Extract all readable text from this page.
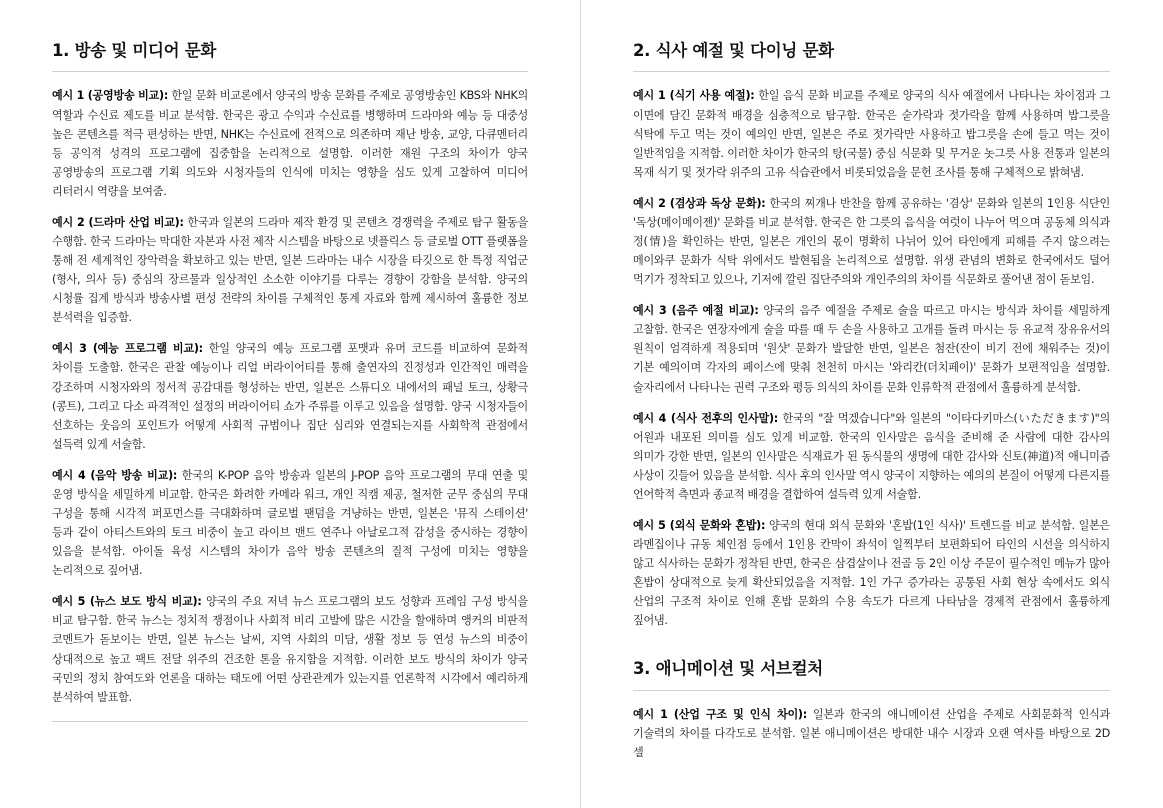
1. 방송 및 미디어 문화

예시 1 (공영방송 비교): 한일 문화 비교론에서 양국의 방송 문화를 주제로 공영방송인 KBS와 NHK의 역할과 수신료 제도를 비교 분석함. 한국은 광고 수익과 수신료를 병행하며 드라마와 예능 등 대중성 높은 콘텐츠를 적극 편성하는 반면, NHK는 수신료에 전적으로 의존하며 재난 방송, 교양, 다큐멘터리 등 공익적 성격의 프로그램에 집중함을 논리적으로 설명함. 이러한 재원 구조의 차이가 양국 공영방송의 프로그램 기획 의도와 시청자들의 인식에 미치는 영향을 심도 있게 고찰하여 미디어 리터러시 역량을 보여줌.

예시 2 (드라마 산업 비교): 한국과 일본의 드라마 제작 환경 및 콘텐츠 경쟁력을 주제로 탐구 활동을 수행함. 한국 드라마는 막대한 자본과 사전 제작 시스템을 바탕으로 넷플릭스 등 글로벌 OTT 플랫폼을 통해 전 세계적인 장악력을 확보하고 있는 반면, 일본 드라마는 내수 시장을 타깃으로 한 특정 직업군(형사, 의사 등) 중심의 장르물과 일상적인 소소한 이야기를 다루는 경향이 강함을 분석함. 양국의 시청률 집계 방식과 방송사별 편성 전략의 차이를 구체적인 통계 자료와 함께 제시하여 훌륭한 정보 분석력을 입증함.

예시 3 (예능 프로그램 비교): 한일 양국의 예능 프로그램 포맷과 유머 코드를 비교하여 문화적 차이를 도출함. 한국은 관찰 예능이나 리얼 버라이어티를 통해 출연자의 진정성과 인간적인 매력을 강조하며 시청자와의 정서적 공감대를 형성하는 반면, 일본은 스튜디오 내에서의 패널 토크, 상황극(콩트), 그리고 다소 파격적인 설정의 버라이어티 쇼가 주류를 이루고 있음을 설명함. 양국 시청자들이 선호하는 웃음의 포인트가 어떻게 사회적 규범이나 집단 심리와 연결되는지를 사회학적 관점에서 설득력 있게 서술함.

예시 4 (음악 방송 비교): 한국의 K-POP 음악 방송과 일본의 J-POP 음악 프로그램의 무대 연출 및 운영 방식을 세밀하게 비교함. 한국은 화려한 카메라 워크, 개인 직캠 제공, 철저한 군무 중심의 무대 구성을 통해 시각적 퍼포먼스를 극대화하며 글로벌 팬덤을 겨냥하는 반면, 일본은 '뮤직 스테이션' 등과 같이 아티스트와의 토크 비중이 높고 라이브 밴드 연주나 아날로그적 감성을 중시하는 경향이 있음을 분석함. 아이돌 육성 시스템의 차이가 음악 방송 콘텐츠의 질적 구성에 미치는 영향을 논리적으로 짚어냄.

예시 5 (뉴스 보도 방식 비교): 양국의 주요 저녁 뉴스 프로그램의 보도 성향과 프레임 구성 방식을 비교 탐구함. 한국 뉴스는 정치적 쟁점이나 사회적 비리 고발에 많은 시간을 할애하며 앵커의 비판적 코멘트가 돋보이는 반면, 일본 뉴스는 날씨, 지역 사회의 미담, 생활 정보 등 연성 뉴스의 비중이 상대적으로 높고 팩트 전달 위주의 건조한 톤을 유지함을 지적함. 이러한 보도 방식의 차이가 양국 국민의 정치 참여도와 언론을 대하는 태도에 어떤 상관관계가 있는지를 언론학적 시각에서 예리하게 분석하여 발표함.

2. 식사 예절 및 다이닝 문화

예시 1 (식기 사용 예절): 한일 음식 문화 비교를 주제로 양국의 식사 예절에서 나타나는 차이점과 그 이면에 담긴 문화적 배경을 심층적으로 탐구함. 한국은 숟가락과 젓가락을 함께 사용하며 밥그릇을 식탁에 두고 먹는 것이 예의인 반면, 일본은 주로 젓가락만 사용하고 밥그릇을 손에 들고 먹는 것이 일반적임을 지적함. 이러한 차이가 한국의 탕(국물) 중심 식문화 및 무거운 놋그릇 사용 전통과 일본의 목재 식기 및 젓가락 위주의 고유 식습관에서 비롯되었음을 문헌 조사를 통해 구체적으로 밝혀냄.

예시 2 (겸상과 독상 문화): 한국의 찌개나 반찬을 함께 공유하는 '겸상' 문화와 일본의 1인용 식단인 '독상(메이메이젠)' 문화를 비교 분석함. 한국은 한 그릇의 음식을 여럿이 나누어 먹으며 공동체 의식과 정(情)을 확인하는 반면, 일본은 개인의 몫이 명확히 나뉘어 있어 타인에게 피해를 주지 않으려는 메이와쿠 문화가 식탁 위에서도 발현됨을 논리적으로 설명함. 위생 관념의 변화로 한국에서도 덜어 먹기가 정착되고 있으나, 기저에 깔린 집단주의와 개인주의의 차이를 식문화로 풀어낸 점이 돋보임.

예시 3 (음주 예절 비교): 양국의 음주 예절을 주제로 술을 따르고 마시는 방식과 차이를 세밀하게 고찰함. 한국은 연장자에게 술을 따를 때 두 손을 사용하고 고개를 돌려 마시는 등 유교적 장유유서의 원칙이 엄격하게 적용되며 '원샷' 문화가 발달한 반면, 일본은 첨잔(잔이 비기 전에 채워주는 것)이 기본 예의이며 각자의 페이스에 맞춰 천천히 마시는 '와리칸(더치페이)' 문화가 보편적임을 설명함. 술자리에서 나타나는 권력 구조와 평등 의식의 차이를 문화 인류학적 관점에서 훌륭하게 분석함.

예시 4 (식사 전후의 인사말): 한국의 "잘 먹겠습니다"와 일본의 "이타다키마스(いただきます)"의 어원과 내포된 의미를 심도 있게 비교함. 한국의 인사말은 음식을 준비해 준 사람에 대한 감사의 의미가 강한 반면, 일본의 인사말은 식재료가 된 동식물의 생명에 대한 감사와 신토(神道)적 애니미즘 사상이 깃들어 있음을 분석함. 식사 후의 인사말 역시 양국이 지향하는 예의의 본질이 어떻게 다른지를 언어학적 측면과 종교적 배경을 결합하여 설득력 있게 서술함.

예시 5 (외식 문화와 혼밥): 양국의 현대 외식 문화와 '혼밥(1인 식사)' 트렌드를 비교 분석함. 일본은 라멘집이나 규동 체인점 등에서 1인용 칸막이 좌석이 일찍부터 보편화되어 타인의 시선을 의식하지 않고 식사하는 문화가 정착된 반면, 한국은 삼겹살이나 전골 등 2인 이상 주문이 필수적인 메뉴가 많아 혼밥이 상대적으로 늦게 확산되었음을 지적함. 1인 가구 증가라는 공통된 사회 현상 속에서도 외식 산업의 구조적 차이로 인해 혼밥 문화의 수용 속도가 다르게 나타남을 경제적 관점에서 훌륭하게 짚어냄.

3. 애니메이션 및 서브컬처

예시 1 (산업 구조 및 인식 차이): 일본과 한국의 애니메이션 산업을 주제로 사회문화적 인식과 기술력의 차이를 다각도로 분석함. 일본 애니메이션은 방대한 내수 시장과 오랜 역사를 바탕으로 2D 셀
